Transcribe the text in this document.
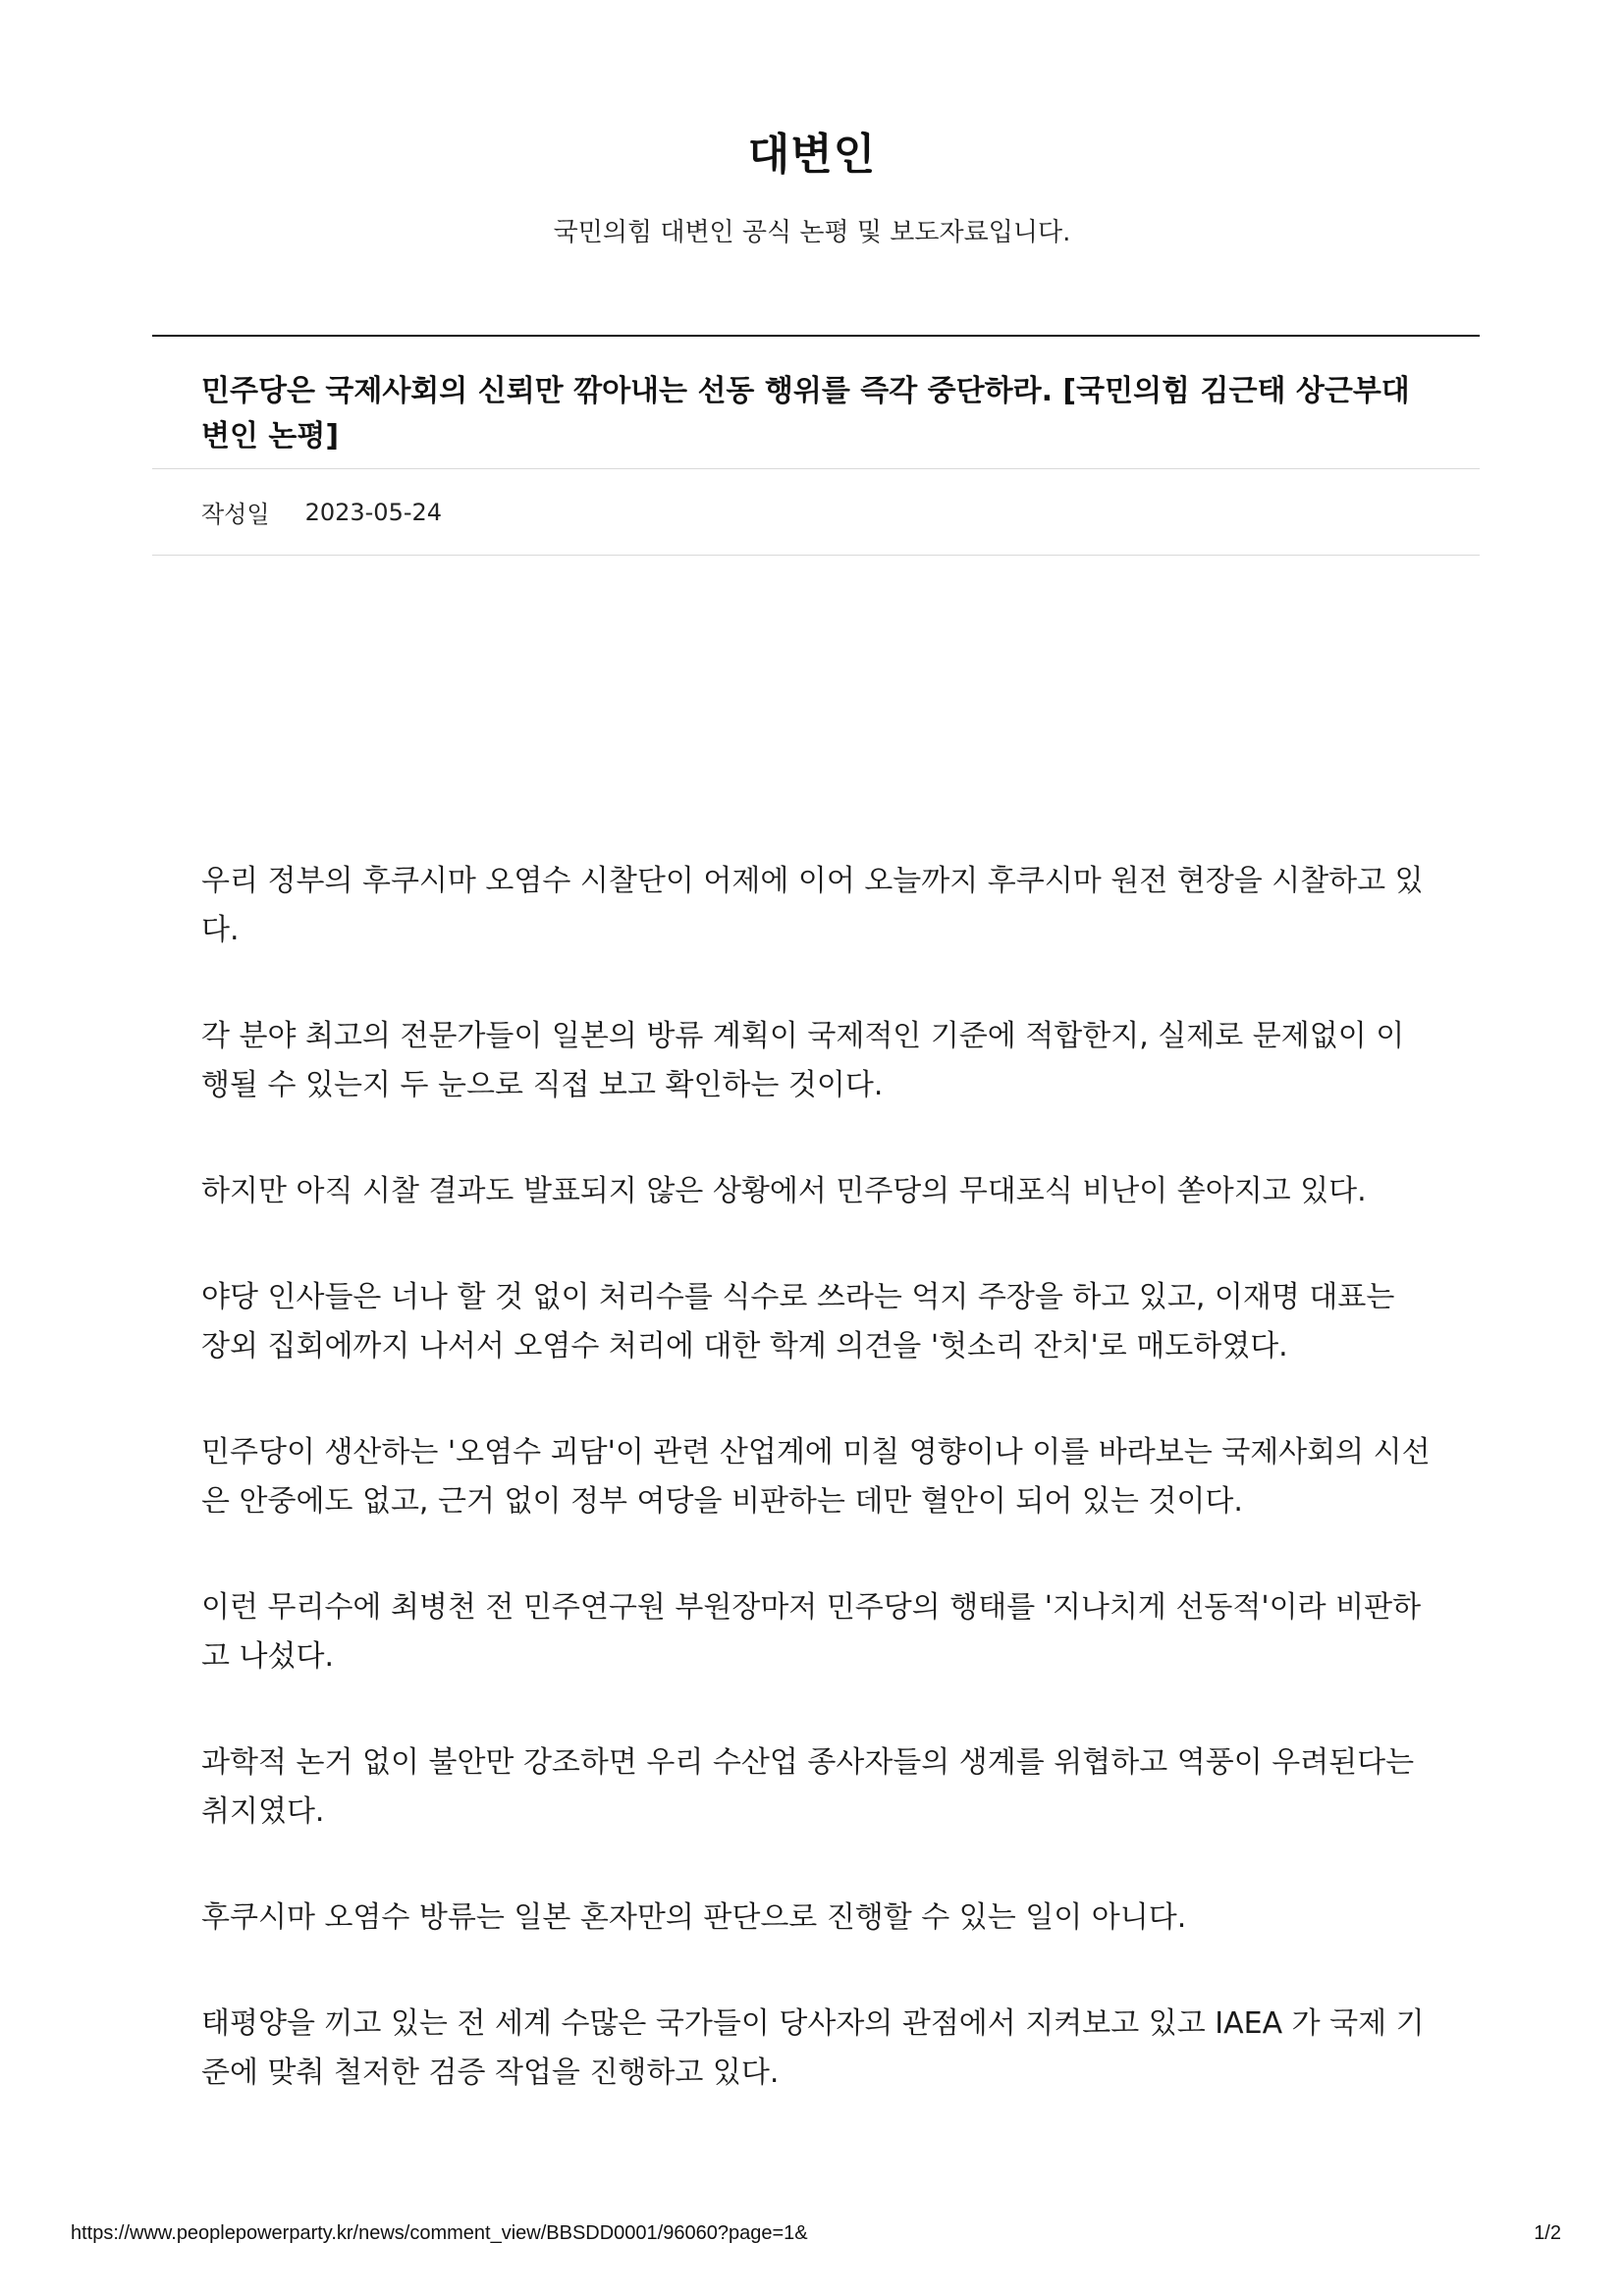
대변인
국민의힘 대변인 공식 논평 및 보도자료입니다.
민주당은 국제사회의 신뢰만 깎아내는 선동 행위를 즉각 중단하라. [국민의힘 김근태 상근부대변인 논평]
작성일 2023-05-24

우리 정부의 후쿠시마 오염수 시찰단이 어제에 이어 오늘까지 후쿠시마 원전 현장을 시찰하고 있다.

각 분야 최고의 전문가들이 일본의 방류 계획이 국제적인 기준에 적합한지, 실제로 문제없이 이행될 수 있는지 두 눈으로 직접 보고 확인하는 것이다.

하지만 아직 시찰 결과도 발표되지 않은 상황에서 민주당의 무대포식 비난이 쏟아지고 있다.

야당 인사들은 너나 할 것 없이 처리수를 식수로 쓰라는 억지 주장을 하고 있고, 이재명 대표는 장외 집회에까지 나서서 오염수 처리에 대한 학계 의견을 '헛소리 잔치'로 매도하였다.

민주당이 생산하는 '오염수 괴담'이 관련 산업계에 미칠 영향이나 이를 바라보는 국제사회의 시선은 안중에도 없고, 근거 없이 정부 여당을 비판하는 데만 혈안이 되어 있는 것이다.

이런 무리수에 최병천 전 민주연구원 부원장마저 민주당의 행태를 '지나치게 선동적'이라 비판하고 나섰다.

과학적 논거 없이 불안만 강조하면 우리 수산업 종사자들의 생계를 위협하고 역풍이 우려된다는 취지였다.

후쿠시마 오염수 방류는 일본 혼자만의 판단으로 진행할 수 있는 일이 아니다.

태평양을 끼고 있는 전 세계 수많은 국가들이 당사자의 관점에서 지켜보고 있고 IAEA 가 국제 기준에 맞춰 철저한 검증 작업을 진행하고 있다.

https://www.peoplepowerparty.kr/news/comment_view/BBSDD0001/96060?page=1&	1/2
